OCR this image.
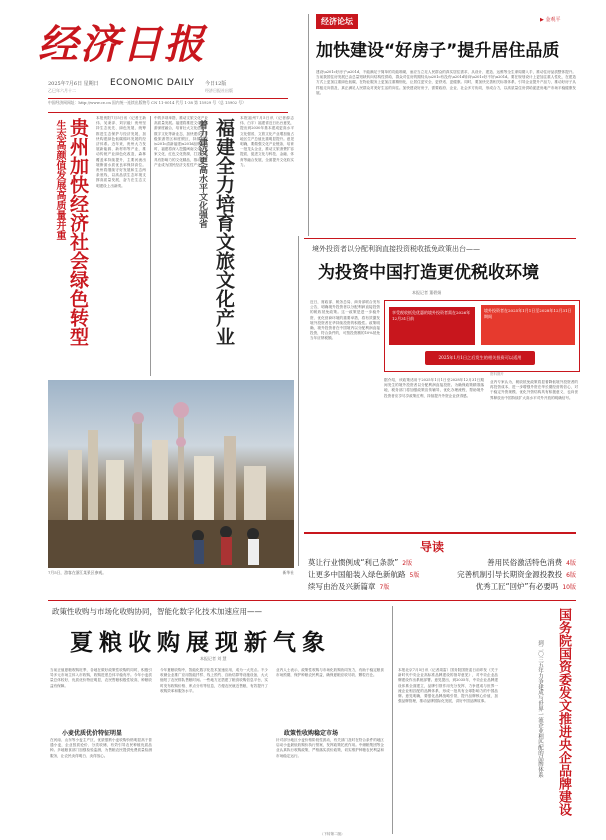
经济日报
2025年7月6日 星期日
乙巳年六月十二
ECONOMIC DAILY 今日12版
经济日报社出版
中国经济网网址：http://www.ce.cn 国内统一连续出版物号 CN 11-0014 代号 1-38 第 15929 号（总 15902 号）
经济论坛	▶ 金观平
加快建设“好房子”提升居住品质
建设\u201c好房子\u201d，不能满足于简单的功能堆砌，而应当立足人民群众的真实居住需求，从设计、建造、运维等全生命周期入手，推动住房品质整体提升。当前我国住房发展已由总量短缺转向结构性供给，群众对住房的期待从\u201c有没有\u201d转向\u201c好不好\u201d。要在规划设计上更加注重人性化，在建造方式上更加注重绿色低碳，在物业服务上更加注重精细化，让居住更安全、更舒适、更健康。同时，要加快完善相关标准体系，引导企业提升产品力，推动好房子从样板走向普及，真正满足人民群众对美好生活的向往。加快建设好房子，需要政府、企业、社会多方协同，形成合力，以高质量住房供给促进房地产市场平稳健康发展。
生态高颜值发展高质量并重 贵州加快经济社会绿色转型 本报贵阳7月5日讯（记者王新伟、吴秉泽、刘宗毅）贵州坚持生态优先、绿色发展，统筹推进生态保护与经济发展，加快构建绿色低碳循环发展的经济体系。近年来，贵州大力发展新能源、新材料等产业，推动传统产业绿色化改造，森林覆盖率持续提升，主要河流出境断面水质优良率保持高位。贵州将继续守好发展和生态两条底线，以高品质生态环境支撑高质量发展，奋力在生态文明建设上出新绩。
中的多项举措，推动文旅文化产业高质量发展。福建将推进文化和旅游深度融合，培育壮大文化创意、数字文化等新业态，加快建设世界级旅游景区和度假区，持续擦亮\u201c清新福建\u201d品牌。同时，福建将深入挖掘闽南文化、客家文化、红色文化资源，打造一批具有影响力的文化精品，推动文化产业成为国民经济支柱性产业。 福建全力培育文旅文化产业
着力建设更高水平文化强省
本报福州7月5日讯（记者薛志伟、白宇）福建省近日出台意见，提出到2030年基本建成更高水平文化强省，文旅文化产业增加值占地区生产总值比重明显提升。意见明确，要做强文化产业链条，培育一批龙头企业，推动文旅消费扩容提质，促进文化与科技、金融、体育等融合发展，全面提升文化软实力。
7月5日，游客在浙江某景区参观。	新华社
境外投资者以分配利润直接投资税收抵免政策出台——
为投资中国打造更优税收环境
本报记者 董碧娟
近日，财政部、税务总局、商务部联合发布公告，明确境外投资者以分配利润直接投资的税收抵免政策。这一政策是进一步稳外资、优化营商环境的重要举措，将有效激发境外投资者在华持续投资的积极性。政策明确，境外投资者在中国境内以分配利润直接投资，符合条件的，可按投资额的10%抵免当年应纳税额。
享受税收抵免优惠的境外投资者需在2026年12月31日前
境外投资者在2025年1月1日至2028年12月31日期间
2025年1月1日之后发生的相关投资可以适用
据介绍，该政策适用于2025年1月1日至2028年12月31日期间发生的境外投资者以分配利润直接投资。为确保政策精准落地，税务部门将加强政策宣传辅导，优化办理流程，帮助境外投资者应享尽享政策红利，持续提升外资企业获得感。
资料图片
业内专家认为，税收抵免政策将显著降低境外投资者的再投资成本，进一步增强外资在华长期经营的信心，对于稳定外资规模、优化外资结构具有积极意义，也向世界释放出中国持续扩大高水平对外开放的明确信号。
导读
莫让行业惯例成“利己条款” 2版	善用民俗激活特色消费 4版
让更多中国船装入绿色新航路 5版	完善机制引导长期资金源投教投 6版
续写由治及兴新篇章 7版	优秀工匠“回炉”有必要吗 10版
政策性收购与市场化收购协同，智能化数字化技术加速应用——
夏粮收购展现新气象
本报记者 刘 慧
当前正值夏粮收购旺季，各地在做好政策性收购的同时，积极引导多元市场主体入市收购，收购进度总体平稳有序。今年小麦质量总体较好，优质优价特征明显，农民售粮积极性较高，种粮收益有保障。
小麦优质优价特征明显
在河南、山东等小麦主产区，优质强筋小麦收购价格明显高于普通小麦，企业按质论价、分类收储，有效引导农民种植优质品种。多地粮食部门加强检验监测，为售粮农民提供免费质量检测服务，让农民卖得明白、卖得放心。
今年夏粮收购中，智能化数字化技术加速应用，成为一大亮点。不少收储企业推广应用智能扦样、线上预约、自助结算等设施设备，大大缩短了农民排队售粮时间。一些地方还搭建了粮食收购信息平台，实时发布收购价格、库点分布等信息，方便农民就近售粮，有效提升了收购效率和服务水平。
业内人士表示，政策性收购与市场化收购协同发力，有助于稳定粮食市场预期，保护种粮农民利益，确保夏粮应收尽收、颗粒归仓。
政策性收购稳定市场
针对部分地区小麦价格阶段性波动，有关部门及时在符合条件的地区启动小麦最低收购价执行预案，发挥政策托底作用。中储粮集团等企业认真执行收购政策，严格落实质价政策，切实维护种粮农民利益和市场稳定运行。
（下转第二版）
本报北京7月5日讯（记者周雷）国务院国资委日前印发《关于新时代中央企业高标准品牌建设的指导意见》，对中央企业品牌建设作出系统部署。意见提出，到2035年，中央企业品牌建设体系全面建立，品牌引领作用充分发挥，力争建成与世界一流企业相匹配的品牌体系，形成一批具有全球影响力的中国品牌。意见明确，要强化品牌战略引领，提升品牌核心价值，加强品牌管理，推动品牌国际化发展，讲好中国品牌故事。	国务院国资委发文推进央企品牌建设
到二〇三五年力争建成与世界一流企业相匹配的品牌体系
